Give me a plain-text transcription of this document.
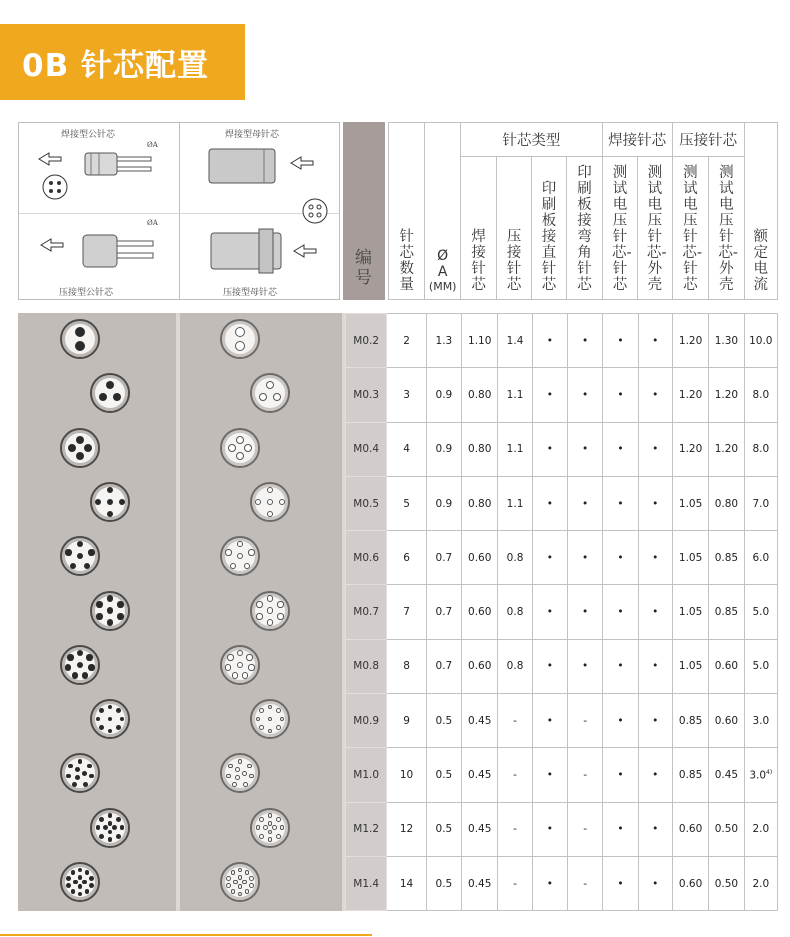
0B 针芯配置
焊接型公针芯	焊接型母针芯
压接型公针芯	压接型母针芯
ØA
ØA
编号
针芯数量	Ø
A
(MM)	针芯类型				焊接针芯		压接针芯		额定电流
		焊接针芯	压接针芯	印刷板接直针芯	印刷板接弯角针芯	测试电压针芯-针芯	测试电压针芯-外壳	测试电压针芯-针芯	测试电压针芯-外壳	
M0.2	2	1.3	1.10	1.4	•	•	•	•	1.20	1.30	10.0
M0.3	3	0.9	0.80	1.1	•	•	•	•	1.20	1.20	8.0
M0.4	4	0.9	0.80	1.1	•	•	•	•	1.20	1.20	8.0
M0.5	5	0.9	0.80	1.1	•	•	•	•	1.05	0.80	7.0
M0.6	6	0.7	0.60	0.8	•	•	•	•	1.05	0.85	6.0
M0.7	7	0.7	0.60	0.8	•	•	•	•	1.05	0.85	5.0
M0.8	8	0.7	0.60	0.8	•	•	•	•	1.05	0.60	5.0
M0.9	9	0.5	0.45	-	•	-	•	•	0.85	0.60	3.0
M1.0	10	0.5	0.45	-	•	-	•	•	0.85	0.45	3.0$^{4)}$
M1.2	12	0.5	0.45	-	•	-	•	•	0.60	0.50	2.0
M1.4	14	0.5	0.45	-	•	-	•	•	0.60	0.50	2.0
